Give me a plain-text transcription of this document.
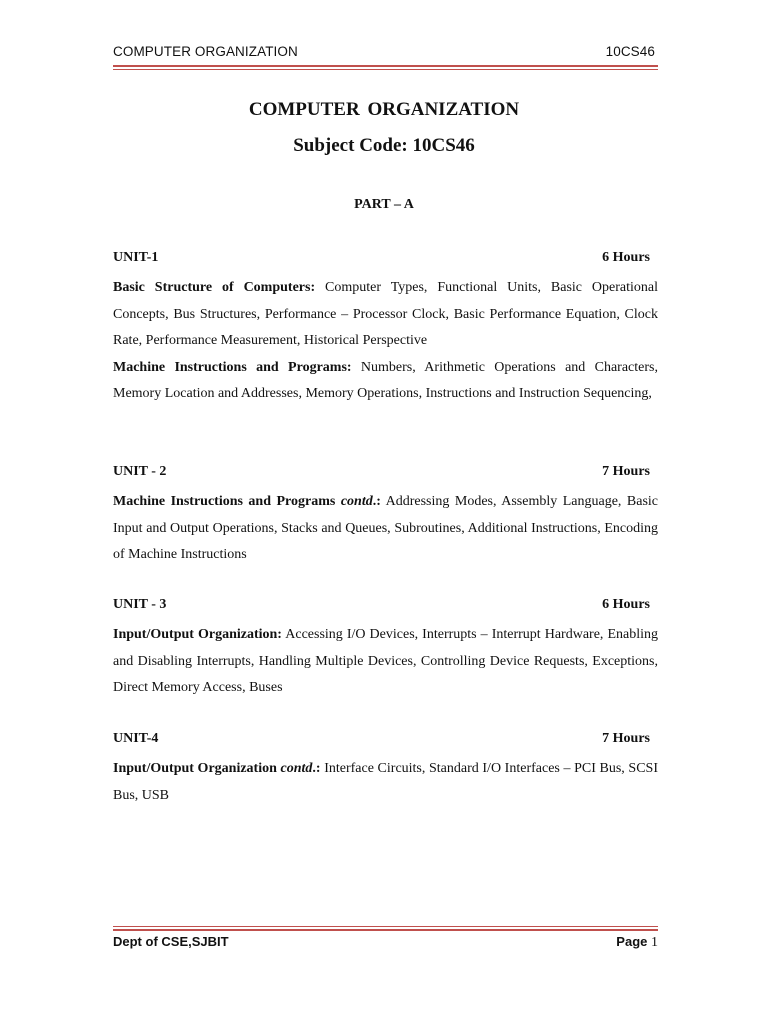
COMPUTER ORGANIZATION	10CS46
COMPUTER ORGANIZATION
Subject Code: 10CS46
PART – A
UNIT-1	6 Hours

Basic Structure of Computers: Computer Types, Functional Units, Basic Operational Concepts, Bus Structures, Performance – Processor Clock, Basic Performance Equation, Clock Rate, Performance Measurement, Historical Perspective

Machine Instructions and Programs: Numbers, Arithmetic Operations and Characters, Memory Location and Addresses, Memory Operations, Instructions and Instruction Sequencing,

UNIT - 2	7 Hours

Machine Instructions and Programs contd.: Addressing Modes, Assembly Language, Basic Input and Output Operations, Stacks and Queues, Subroutines, Additional Instructions, Encoding of Machine Instructions

UNIT - 3	6 Hours

Input/Output Organization: Accessing I/O Devices, Interrupts – Interrupt Hardware, Enabling and Disabling Interrupts, Handling Multiple Devices, Controlling Device Requests, Exceptions, Direct Memory Access, Buses

UNIT-4	7 Hours

Input/Output Organization contd.: Interface Circuits, Standard I/O Interfaces – PCI Bus, SCSI Bus, USB

Dept of CSE,SJBIT	Page 1
